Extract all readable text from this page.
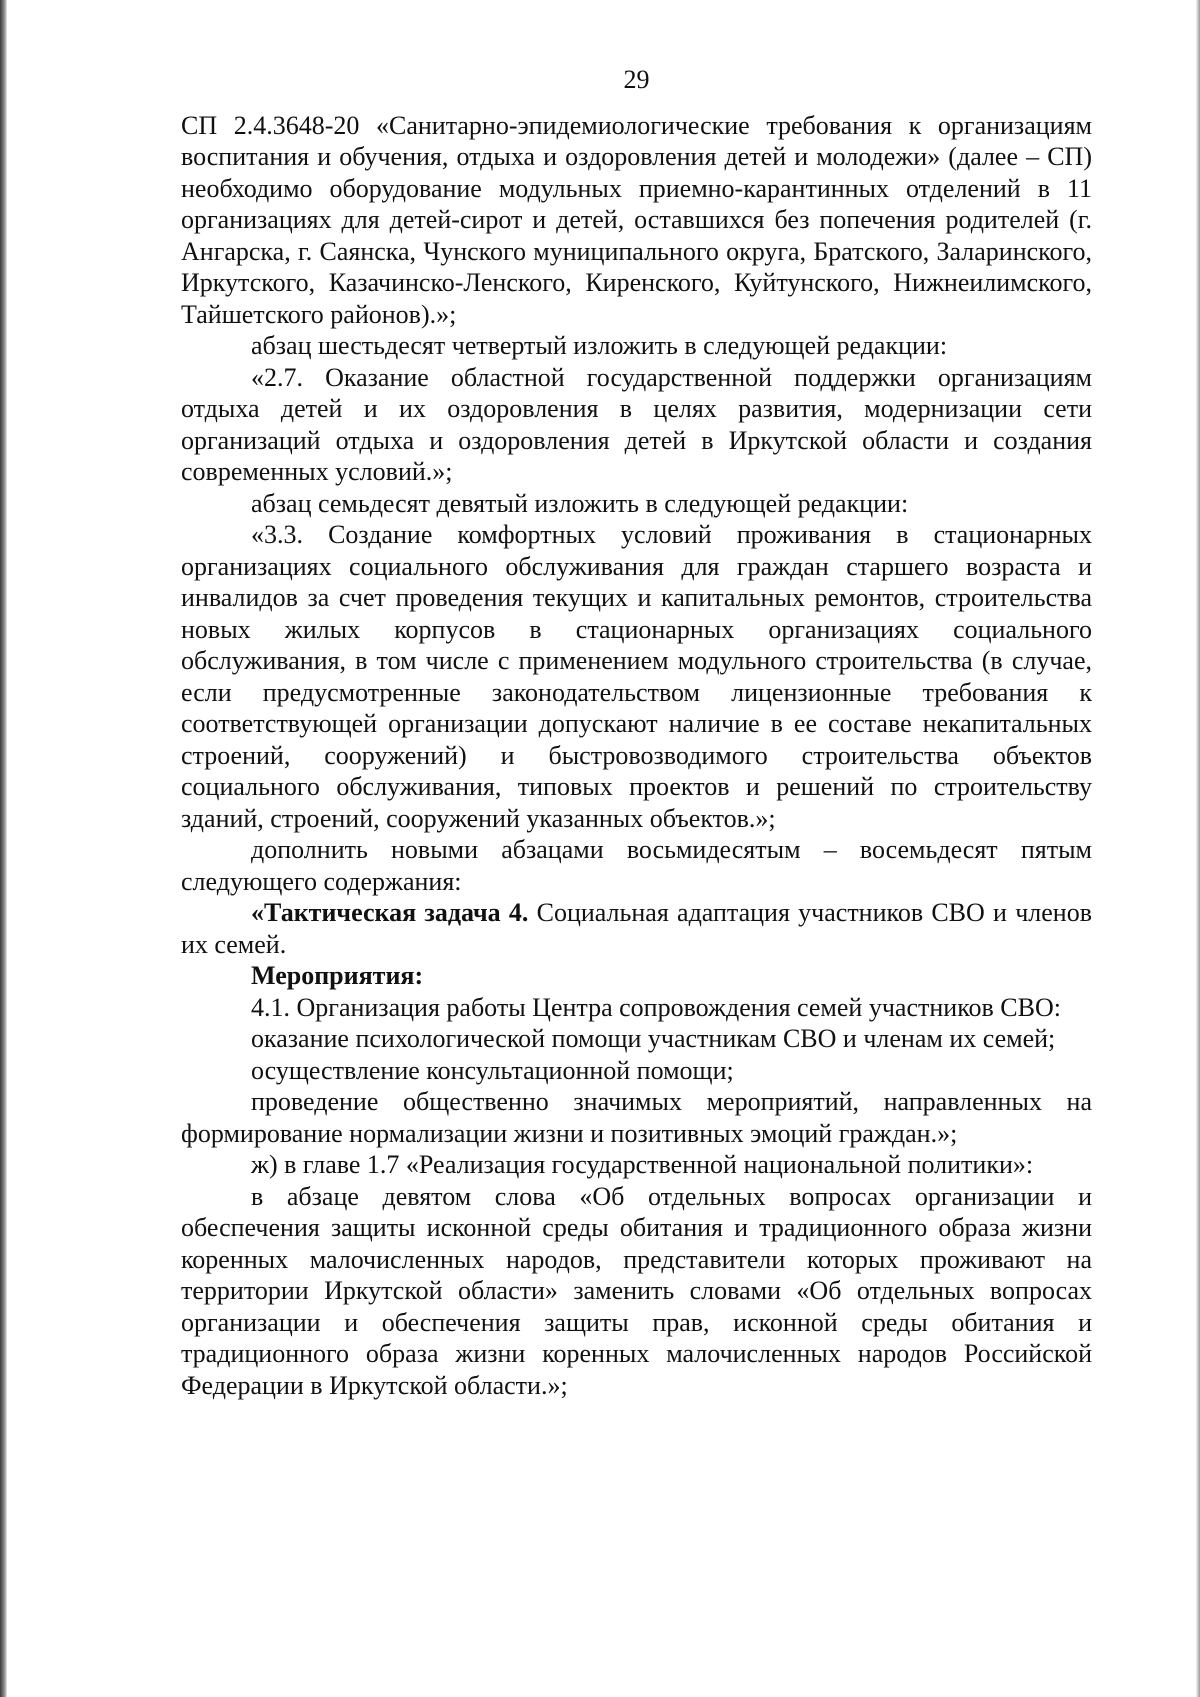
29

СП 2.4.3648-20 «Санитарно-эпидемиологические требования к организациям воспитания и обучения, отдыха и оздоровления детей и молодежи» (далее – СП) необходимо оборудование модульных приемно-карантинных отделений в 11 организациях для детей-сирот и детей, оставшихся без попечения родителей (г. Ангарска, г. Саянска, Чунского муниципального округа, Братского, Заларинского, Иркутского, Казачинско-Ленского, Киренского, Куйтунского, Нижнеилимского, Тайшетского районов).»;

абзац шестьдесят четвертый изложить в следующей редакции:

«2.7. Оказание областной государственной поддержки организациям отдыха детей и их оздоровления в целях развития, модернизации сети организаций отдыха и оздоровления детей в Иркутской области и создания современных условий.»;

абзац семьдесят девятый изложить в следующей редакции:

«3.3. Создание комфортных условий проживания в стационарных организациях социального обслуживания для граждан старшего возраста и инвалидов за счет проведения текущих и капитальных ремонтов, строительства новых жилых корпусов в стационарных организациях социального обслуживания, в том числе с применением модульного строительства (в случае, если предусмотренные законодательством лицензионные требования к соответствующей организации допускают наличие в ее составе некапитальных строений, сооружений) и быстровозводимого строительства объектов социального обслуживания, типовых проектов и решений по строительству зданий, строений, сооружений указанных объектов.»;

дополнить новыми абзацами восьмидесятым – восемьдесят пятым следующего содержания:

«Тактическая задача 4. Социальная адаптация участников СВО и членов их семей.

Мероприятия:

4.1. Организация работы Центра сопровождения семей участников СВО:

оказание психологической помощи участникам СВО и членам их семей;

осуществление консультационной помощи;

проведение общественно значимых мероприятий, направленных на формирование нормализации жизни и позитивных эмоций граждан.»;

ж) в главе 1.7 «Реализация государственной национальной политики»:

в абзаце девятом слова «Об отдельных вопросах организации и обеспечения защиты исконной среды обитания и традиционного образа жизни коренных малочисленных народов, представители которых проживают на территории Иркутской области» заменить словами «Об отдельных вопросах организации и обеспечения защиты прав, исконной среды обитания и традиционного образа жизни коренных малочисленных народов Российской Федерации в Иркутской области.»;
